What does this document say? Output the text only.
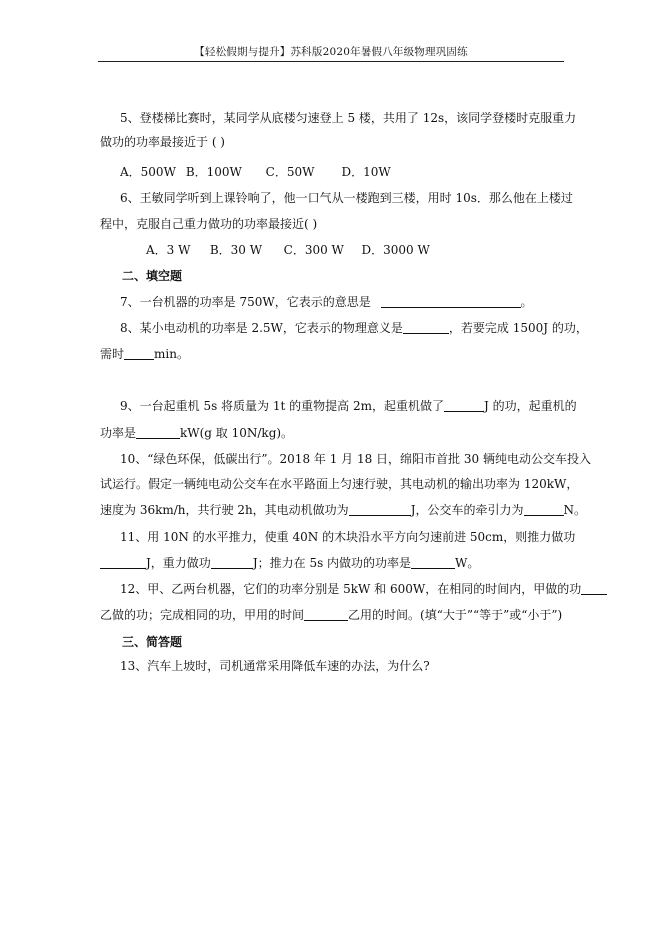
【轻松假期与提升】苏科版2020年暑假八年级物理巩固练
5、登楼梯比赛时，某同学从底楼匀速登上 5 楼，共用了 12s，该同学登楼时克服重力
做功的功率最接近于 ( )
A．500W B．100W C．50W D．10W
6、王敏同学听到上课铃响了，他一口气从一楼跑到三楼，用时 10s．那么他在上楼过
程中，克服自己重力做功的功率最接近( )
A．3 W B．30 W C．300 W D．3000 W
二、填空题
7、一台机器的功率是 750W，它表示的意思是	。
8、某小电动机的功率是 2.5W，它表示的物理意义是	，若要完成 1500J 的功，
需时	min。
9、一台起重机 5s 将质量为 1t 的重物提高 2m，起重机做了	J 的功，起重机的
功率是	kW(g 取 10N/kg)。
10、“绿色环保，低碳出行”。2018 年 1 月 18 日，绵阳市首批 30 辆纯电动公交车投入
试运行。假定一辆纯电动公交车在水平路面上匀速行驶，其电动机的输出功率为 120kW，
速度为 36km/h，共行驶 2h，其电动机做功为	J，公交车的牵引力为	N。
11、用 10N 的水平推力，使重 40N 的木块沿水平方向匀速前进 50cm，则推力做功
J，重力做功	J；推力在 5s 内做功的功率是	W。
12、甲、乙两台机器，它们的功率分别是 5kW 和 600W，在相同的时间内，甲做的功
乙做的功；完成相同的功，甲用的时间	乙用的时间。(填“大于”“等于”或“小于”)
三、简答题
13、汽车上坡时，司机通常采用降低车速的办法，为什么?
